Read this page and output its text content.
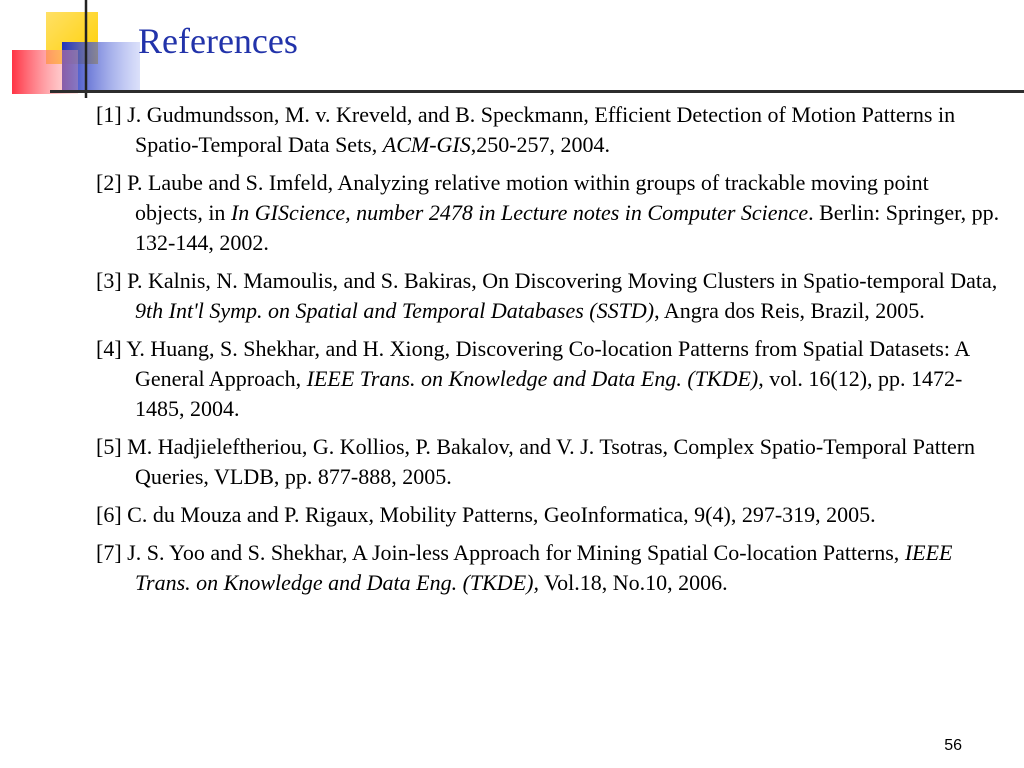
References
[1] J. Gudmundsson, M. v. Kreveld, and B. Speckmann, Efficient Detection of Motion Patterns in Spatio-Temporal Data Sets, ACM-GIS,250-257, 2004.
[2] P. Laube and S. Imfeld, Analyzing relative motion within groups of trackable moving point objects, in In GIScience, number 2478 in Lecture notes in Computer Science. Berlin: Springer, pp. 132-144, 2002.
[3] P. Kalnis, N. Mamoulis, and S. Bakiras, On Discovering Moving Clusters in Spatio-temporal Data, 9th Int'l Symp. on Spatial and Temporal Databases (SSTD), Angra dos Reis, Brazil, 2005.
[4] Y. Huang, S. Shekhar, and H. Xiong, Discovering Co-location Patterns from Spatial Datasets: A General Approach, IEEE Trans. on Knowledge and Data Eng. (TKDE), vol. 16(12), pp. 1472-1485, 2004.
[5] M. Hadjieleftheriou, G. Kollios, P. Bakalov, and V. J. Tsotras, Complex Spatio-Temporal Pattern Queries, VLDB, pp. 877-888, 2005.
[6] C. du Mouza and P. Rigaux, Mobility Patterns, GeoInformatica, 9(4), 297-319, 2005.
[7] J. S. Yoo and S. Shekhar, A Join-less Approach for Mining Spatial Co-location Patterns, IEEE Trans. on Knowledge and Data Eng. (TKDE), Vol.18, No.10, 2006.
56
